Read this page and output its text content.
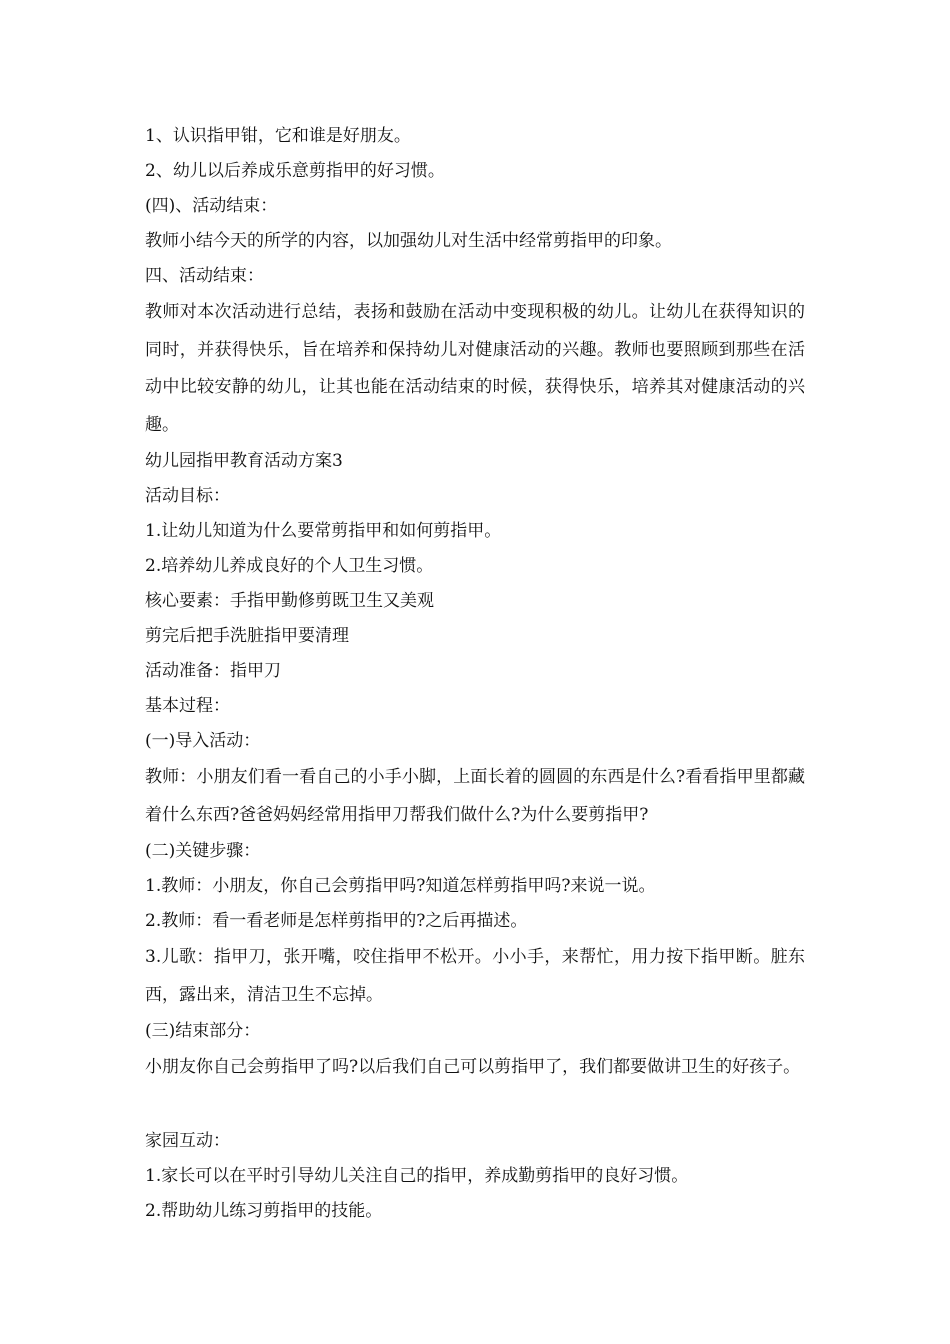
1、认识指甲钳，它和谁是好朋友。

2、幼儿以后养成乐意剪指甲的好习惯。

(四)、活动结束：

教师小结今天的所学的内容，以加强幼儿对生活中经常剪指甲的印象。

四、活动结束：

教师对本次活动进行总结，表扬和鼓励在活动中变现积极的幼儿。让幼儿在获得知识的同时，并获得快乐，旨在培养和保持幼儿对健康活动的兴趣。教师也要照顾到那些在活动中比较安静的幼儿，让其也能在活动结束的时候，获得快乐，培养其对健康活动的兴趣。

幼儿园指甲教育活动方案3

活动目标：

1.让幼儿知道为什么要常剪指甲和如何剪指甲。

2.培养幼儿养成良好的个人卫生习惯。

核心要素：手指甲勤修剪既卫生又美观

剪完后把手洗脏指甲要清理

活动准备：指甲刀

基本过程：

(一)导入活动：

教师：小朋友们看一看自己的小手小脚，上面长着的圆圆的东西是什么?看看指甲里都藏着什么东西?爸爸妈妈经常用指甲刀帮我们做什么?为什么要剪指甲?

(二)关键步骤：

1.教师：小朋友，你自己会剪指甲吗?知道怎样剪指甲吗?来说一说。

2.教师：看一看老师是怎样剪指甲的?之后再描述。

3.儿歌：指甲刀，张开嘴，咬住指甲不松开。小小手，来帮忙，用力按下指甲断。脏东西，露出来，清洁卫生不忘掉。

(三)结束部分：

小朋友你自己会剪指甲了吗?以后我们自己可以剪指甲了，我们都要做讲卫生的好孩子。

家园互动：

1.家长可以在平时引导幼儿关注自己的指甲，养成勤剪指甲的良好习惯。

2.帮助幼儿练习剪指甲的技能。
